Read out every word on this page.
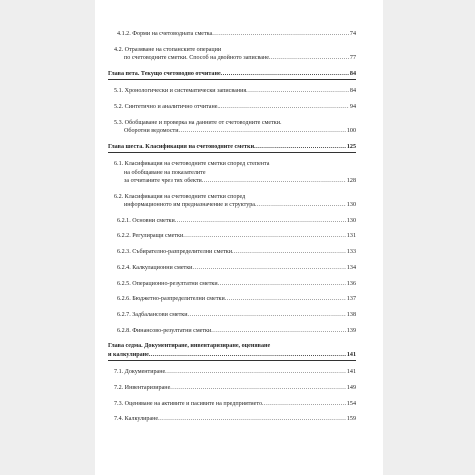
4.1.2. Форми на счетоводната сметка .....	74
4.2. Отразяване на стопанските операции
по счетоводните сметки. Способ на двойното записване .....	77
Глава пета. Текущо счетоводно отчитане .....	84
5.1. Хронологически и систематически записвания .....	84
5.2. Синтетично и аналитично отчитане. .....	94
5.3. Обобщаване и проверка на данните от счетоводните сметки.
Оборотни ведомости .....	100
Глава шеста. Класификация на счетоводните сметки .....	125
6.1. Класификация на счетоводните сметки според степента
на обобщаване на показателите
за отчитаните чрез тях обекти .....	128
6.2. Класификация на счетоводните сметки според
информационното им предназначение и структура .....	130
6.2.1. Основни сметки .....	130
6.2.2. Регулиращи сметки .....	131
6.2.3. Събирателно-разпределителни сметки .....	133
6.2.4. Калкулационни сметки .....	134
6.2.5. Операционно-резултатни сметки .....	136
6.2.6. Бюджетно-разпределителни сметки .....	137
6.2.7. Задбалансови сметки .....	138
6.2.8. Финансово-резултатни сметки .....	139
Глава седма. Документиране, инвентаризиране, оценяване
и калкулиране .....	141
7.1. Документиране .....	141
7.2. Инвентаризиране .....	149
7.3. Оценяване на активите и пасивите на предприятието .....	154
7.4. Калкулиране .....	159
